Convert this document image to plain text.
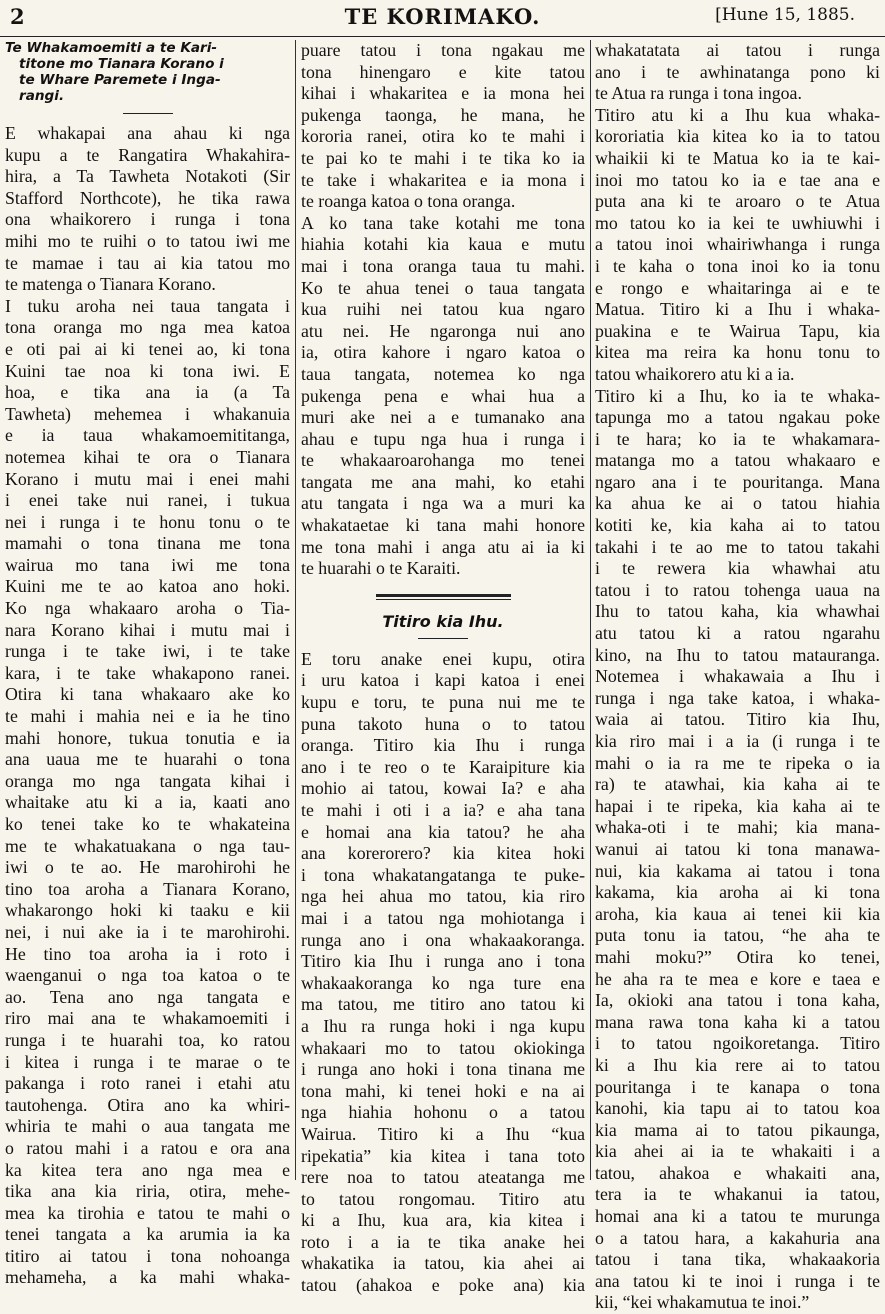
2	TE KORIMAKO.	[Hune 15, 1885.
Te Whakamoemiti a te Kari-
titone mo Tianara Korano i
te Whare Paremete i Inga-
rangi.
E whakapai ana ahau ki nga
kupu a te Rangatira Whakahira-
hira, a Ta Tawheta Notakoti (Sir
Stafford Northcote), he tika rawa
ona whaikorero i runga i tona
mihi mo te ruihi o to tatou iwi me
te mamae i tau ai kia tatou mo
te matenga o Tianara Korano.
I tuku aroha nei taua tangata i
tona oranga mo nga mea katoa
e oti pai ai ki tenei ao, ki tona
Kuini tae noa ki tona iwi. E
hoa, e tika ana ia (a Ta
Tawheta) mehemea i whakanuia
e ia taua whakamoemititanga,
notemea kihai te ora o Tianara
Korano i mutu mai i enei mahi
i enei take nui ranei, i tukua
nei i runga i te honu tonu o te
mamahi o tona tinana me tona
wairua mo tana iwi me tona
Kuini me te ao katoa ano hoki.
Ko nga whakaaro aroha o Tia-
nara Korano kihai i mutu mai i
runga i te take iwi, i te take
kara, i te take whakapono ranei.
Otira ki tana whakaaro ake ko
te mahi i mahia nei e ia he tino
mahi honore, tukua tonutia e ia
ana uaua me te huarahi o tona
oranga mo nga tangata kihai i
whaitake atu ki a ia, kaati ano
ko tenei take ko te whakateina
me te whakatuakana o nga tau-
iwi o te ao. He marohirohi he
tino toa aroha a Tianara Korano,
whakarongo hoki ki taaku e kii
nei, i nui ake ia i te marohirohi.
He tino toa aroha ia i roto i
waenganui o nga toa katoa o te
ao. Tena ano nga tangata e
riro mai ana te whakamoemiti i
runga i te huarahi toa, ko ratou
i kitea i runga i te marae o te
pakanga i roto ranei i etahi atu
tautohenga. Otira ano ka whiri-
whiria te mahi o aua tangata me
o ratou mahi i a ratou e ora ana
ka kitea tera ano nga mea e
tika ana kia riria, otira, mehe-
mea ka tirohia e tatou te mahi o
tenei tangata a ka arumia ia ka
titiro ai tatou i tona nohoanga
mehameha, a ka mahi whaka-
puare tatou i tona ngakau me
tona hinengaro e kite tatou
kihai i whakaritea e ia mona hei
pukenga taonga, he mana, he
kororia ranei, otira ko te mahi i
te pai ko te mahi i te tika ko ia
te take i whakaritea e ia mona i
te roanga katoa o tona oranga.
A ko tana take kotahi me tona
hiahia kotahi kia kaua e mutu
mai i tona oranga taua tu mahi.
Ko te ahua tenei o taua tangata
kua ruihi nei tatou kua ngaro
atu nei. He ngaronga nui ano
ia, otira kahore i ngaro katoa o
taua tangata, notemea ko nga
pukenga pena e whai hua a
muri ake nei a e tumanako ana
ahau e tupu nga hua i runga i
te whakaaroarohanga mo tenei
tangata me ana mahi, ko etahi
atu tangata i nga wa a muri ka
whakataetae ki tana mahi honore
me tona mahi i anga atu ai ia ki
te huarahi o te Karaiti.
Titiro kia Ihu.
E toru anake enei kupu, otira
i uru katoa i kapi katoa i enei
kupu e toru, te puna nui me te
puna takoto huna o to tatou
oranga. Titiro kia Ihu i runga
ano i te reo o te Karaipiture kia
mohio ai tatou, kowai Ia? e aha
te mahi i oti i a ia? e aha tana
e homai ana kia tatou? he aha
ana korerorero? kia kitea hoki
i tona whakatangatanga te puke-
nga hei ahua mo tatou, kia riro
mai i a tatou nga mohiotanga i
runga ano i ona whakaakoranga.
Titiro kia Ihu i runga ano i tona
whakaakoranga ko nga ture ena
ma tatou, me titiro ano tatou ki
a Ihu ra runga hoki i nga kupu
whakaari mo to tatou okiokinga
i runga ano hoki i tona tinana me
tona mahi, ki tenei hoki e na ai
nga hiahia hohonu o a tatou
Wairua. Titiro ki a Ihu “kua
ripekatia” kia kitea i tana toto
rere noa to tatou ateatanga me
to tatou rongomau. Titiro atu
ki a Ihu, kua ara, kia kitea i
roto i a ia te tika anake hei
whakatika ia tatou, kia ahei ai
tatou (ahakoa e poke ana) kia
whakatatata ai tatou i runga
ano i te awhinatanga pono ki
te Atua ra runga i tona ingoa.
Titiro atu ki a Ihu kua whaka-
kororiatia kia kitea ko ia to tatou
whaikii ki te Matua ko ia te kai-
inoi mo tatou ko ia e tae ana e
puta ana ki te aroaro o te Atua
mo tatou ko ia kei te uwhiuwhi i
a tatou inoi whairiwhanga i runga
i te kaha o tona inoi ko ia tonu
e rongo e whaitaringa ai e te
Matua. Titiro ki a Ihu i whaka-
puakina e te Wairua Tapu, kia
kitea ma reira ka honu tonu to
tatou whaikorero atu ki a ia.
Titiro ki a Ihu, ko ia te whaka-
tapunga mo a tatou ngakau poke
i te hara; ko ia te whakamara-
matanga mo a tatou whakaaro e
ngaro ana i te pouritanga. Mana
ka ahua ke ai o tatou hiahia
kotiti ke, kia kaha ai to tatou
takahi i te ao me to tatou takahi
i te rewera kia whawhai atu
tatou i to ratou tohenga uaua na
Ihu to tatou kaha, kia whawhai
atu tatou ki a ratou ngarahu
kino, na Ihu to tatou matauranga.
Notemea i whakawaia a Ihu i
runga i nga take katoa, i whaka-
waia ai tatou. Titiro kia Ihu,
kia riro mai i a ia (i runga i te
mahi o ia ra me te ripeka o ia
ra) te atawhai, kia kaha ai te
hapai i te ripeka, kia kaha ai te
whaka-oti i te mahi; kia mana-
wanui ai tatou ki tona manawa-
nui, kia kakama ai tatou i tona
kakama, kia aroha ai ki tona
aroha, kia kaua ai tenei kii kia
puta tonu ia tatou, “he aha te
mahi moku?” Otira ko tenei,
he aha ra te mea e kore e taea e
Ia, okioki ana tatou i tona kaha,
mana rawa tona kaha ki a tatou
i to tatou ngoikoretanga. Titiro
ki a Ihu kia rere ai to tatou
pouritanga i te kanapa o tona
kanohi, kia tapu ai to tatou koa
kia mama ai to tatou pikaunga,
kia ahei ai ia te whakaiti i a
tatou, ahakoa e whakaiti ana,
tera ia te whakanui ia tatou,
homai ana ki a tatou te murunga
o a tatou hara, a kakahuria ana
tatou i tana tika, whakaakoria
ana tatou ki te inoi i runga i te
kii, “kei whakamutua te inoi.”
